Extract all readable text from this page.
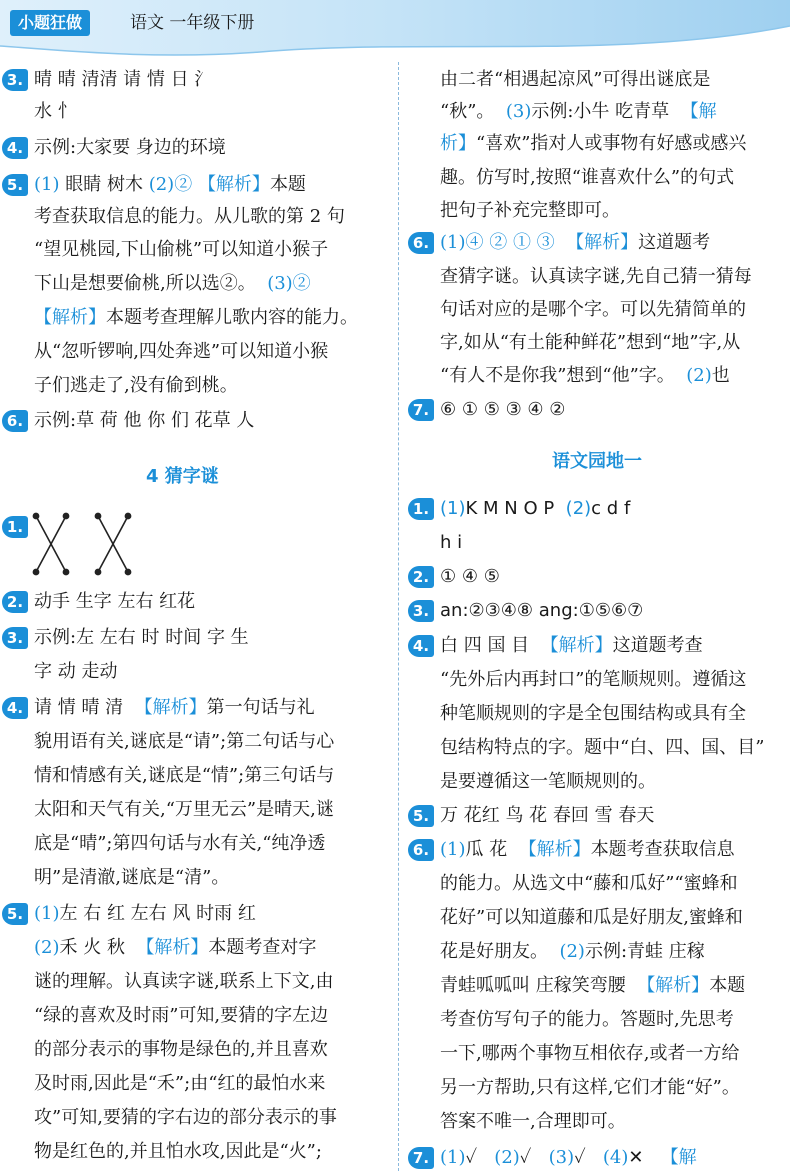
小题狂做	语文 一年级下册
3. 晴 晴 清清 请 情 日 氵
水 忄
4. 示例:大家要 身边的环境
5. (1) 眼睛 树木 (2)② 【解析】本题
考查获取信息的能力。从儿歌的第 2 句
“望见桃园,下山偷桃”可以知道小猴子
下山是想要偷桃,所以选②。 (3)②
【解析】本题考查理解儿歌内容的能力。
从“忽听锣响,四处奔逃”可以知道小猴
子们逃走了,没有偷到桃。
6. 示例:草 荷 他 你 们 花草 人
4 猜字谜
1.
2. 动手 生字 左右 红花
3. 示例:左 左右 时 时间 字 生
字 动 走动
4. 请 情 晴 清 【解析】第一句话与礼
貌用语有关,谜底是“请”;第二句话与心
情和情感有关,谜底是“情”;第三句话与
太阳和天气有关,“万里无云”是晴天,谜
底是“晴”;第四句话与水有关,“纯净透
明”是清澈,谜底是“清”。
5. (1)左 右 红 左右 风 时雨 红
(2)禾 火 秋 【解析】本题考查对字
谜的理解。认真读字谜,联系上下文,由
“绿的喜欢及时雨”可知,要猜的字左边
的部分表示的事物是绿色的,并且喜欢
及时雨,因此是“禾”;由“红的最怕水来
攻”可知,要猜的字右边的部分表示的事
物是红色的,并且怕水攻,因此是“火”;
由二者“相遇起凉风”可得出谜底是
“秋”。 (3)示例:小牛 吃青草 【解
析】“喜欢”指对人或事物有好感或感兴
趣。仿写时,按照“谁喜欢什么”的句式
把句子补充完整即可。
6. (1)④ ② ① ③ 【解析】这道题考
查猜字谜。认真读字谜,先自己猜一猜每
句话对应的是哪个字。可以先猜简单的
字,如从“有土能种鲜花”想到“地”字,从
“有人不是你我”想到“他”字。 (2)也
7. ⑥ ① ⑤ ③ ④ ②
语文园地一
1. (1)K M N O P (2)c d f
h i
2. ① ④ ⑤
3. an:②③④⑧ ang:①⑤⑥⑦
4. 白 四 国 目 【解析】这道题考查
“先外后内再封口”的笔顺规则。遵循这
种笔顺规则的字是全包围结构或具有全
包结构特点的字。题中“白、四、国、目”
是要遵循这一笔顺规则的。
5. 万 花红 鸟 花 春回 雪 春天
6. (1)瓜 花 【解析】本题考查获取信息
的能力。从选文中“藤和瓜好”“蜜蜂和
花好”可以知道藤和瓜是好朋友,蜜蜂和
花是好朋友。 (2)示例:青蛙 庄稼
青蛙呱呱叫 庄稼笑弯腰 【解析】本题
考查仿写句子的能力。答题时,先思考
一下,哪两个事物互相依存,或者一方给
另一方帮助,只有这样,它们才能“好”。
答案不唯一,合理即可。
7. (1)✓ (2)✓ (3)✓ (4)✕ 【解
